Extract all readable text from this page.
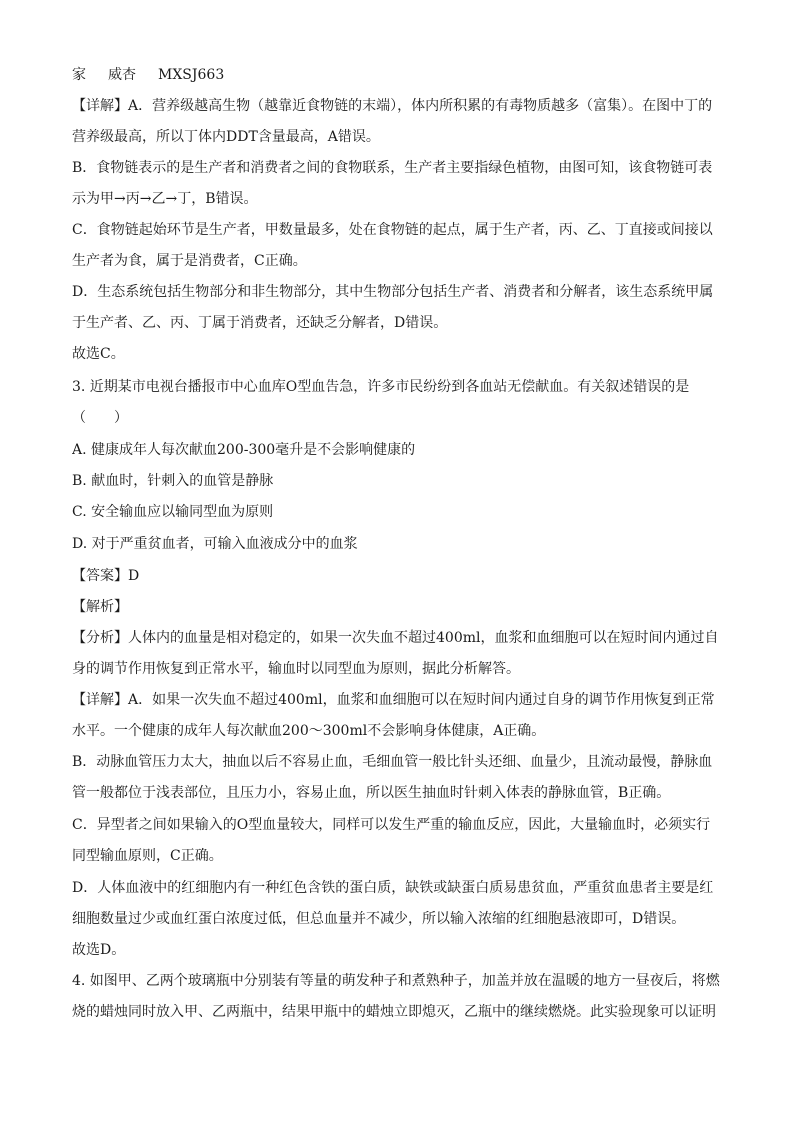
家 威杏 MXSJ663
【详解】A．营养级越高生物（越靠近食物链的末端），体内所积累的有毒物质越多（富集）。在图中丁的
营养级最高，所以丁体内DDT含量最高，A错误。
B．食物链表示的是生产者和消费者之间的食物联系，生产者主要指绿色植物，由图可知，该食物链可表
示为甲→丙→乙→丁，B错误。
C．食物链起始环节是生产者，甲数量最多，处在食物链的起点，属于生产者，丙、乙、丁直接或间接以
生产者为食，属于是消费者，C正确。
D．生态系统包括生物部分和非生物部分，其中生物部分包括生产者、消费者和分解者，该生态系统甲属
于生产者、乙、丙、丁属于消费者，还缺乏分解者，D错误。
故选C。
3. 近期某市电视台播报市中心血库O型血告急，许多市民纷纷到各血站无偿献血。有关叙述错误的是
（　　）
A. 健康成年人每次献血200-300毫升是不会影响健康的
B. 献血时，针刺入的血管是静脉
C. 安全输血应以输同型血为原则
D. 对于严重贫血者，可输入血液成分中的血浆
【答案】D
【解析】
【分析】人体内的血量是相对稳定的，如果一次失血不超过400ml，血浆和血细胞可以在短时间内通过自
身的调节作用恢复到正常水平，输血时以同型血为原则，据此分析解答。
【详解】A．如果一次失血不超过400ml，血浆和血细胞可以在短时间内通过自身的调节作用恢复到正常
水平。一个健康的成年人每次献血200～300ml不会影响身体健康，A正确。
B．动脉血管压力太大，抽血以后不容易止血，毛细血管一般比针头还细、血量少，且流动最慢，静脉血
管一般都位于浅表部位，且压力小，容易止血，所以医生抽血时针刺入体表的静脉血管，B正确。
C．异型者之间如果输入的O型血量较大，同样可以发生严重的输血反应，因此，大量输血时，必须实行
同型输血原则，C正确。
D．人体血液中的红细胞内有一种红色含铁的蛋白质，缺铁或缺蛋白质易患贫血，严重贫血患者主要是红
细胞数量过少或血红蛋白浓度过低，但总血量并不减少，所以输入浓缩的红细胞悬液即可，D错误。
故选D。
4. 如图甲、乙两个玻璃瓶中分别装有等量的萌发种子和煮熟种子，加盖并放在温暖的地方一昼夜后，将燃
烧的蜡烛同时放入甲、乙两瓶中，结果甲瓶中的蜡烛立即熄灭，乙瓶中的继续燃烧。此实验现象可以证明
